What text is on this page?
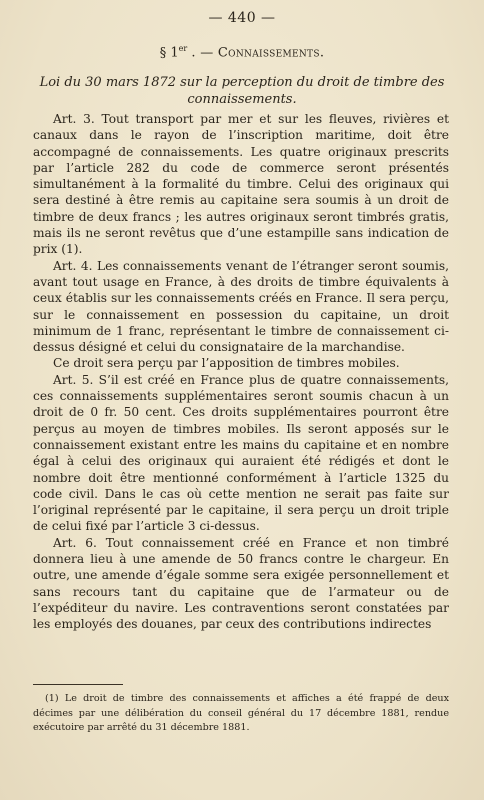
— 440 —
§ 1er . — Connaissements.
Loi du 30 mars 1872 sur la perception du droit de timbre des connaissements.

Art. 3. Tout transport par mer et sur les fleuves, rivières et canaux dans le rayon de l’inscription maritime, doit être accompagné de connaissements. Les quatre originaux prescrits par l’article 282 du code de commerce seront présentés simultanément à la formalité du timbre. Celui des originaux qui sera destiné à être remis au capitaine sera soumis à un droit de timbre de deux francs ; les autres originaux seront timbrés gratis, mais ils ne seront revêtus que d’une estampille sans indication de prix (1).

Art. 4. Les connaissements venant de l’étranger seront soumis, avant tout usage en France, à des droits de timbre équivalents à ceux établis sur les connaissements créés en France. Il sera perçu, sur le connaissement en possession du capitaine, un droit minimum de 1 franc, représentant le timbre de connaissement ci-dessus désigné et celui du consignataire de la marchandise.

Ce droit sera perçu par l’apposition de timbres mobiles.

Art. 5. S’il est créé en France plus de quatre connaissements, ces connaissements supplémentaires seront soumis chacun à un droit de 0 fr. 50 cent. Ces droits supplémentaires pourront être perçus au moyen de timbres mobiles. Ils seront apposés sur le connaissement existant entre les mains du capitaine et en nombre égal à celui des originaux qui auraient été rédigés et dont le nombre doit être mentionné conformément à l’article 1325 du code civil. Dans le cas où cette mention ne serait pas faite sur l’original représenté par le capitaine, il sera perçu un droit triple de celui fixé par l’article 3 ci-dessus.

Art. 6. Tout connaissement créé en France et non timbré donnera lieu à une amende de 50 francs contre le chargeur. En outre, une amende d’égale somme sera exigée personnellement et sans recours tant du capitaine que de l’armateur ou de l’expéditeur du navire. Les contraventions seront constatées par les employés des douanes, par ceux des contributions indirectes

(1) Le droit de timbre des connaissements et affiches a été frappé de deux décimes par une délibération du conseil général du 17 décembre 1881, rendue exécutoire par arrêté du 31 décembre 1881.
